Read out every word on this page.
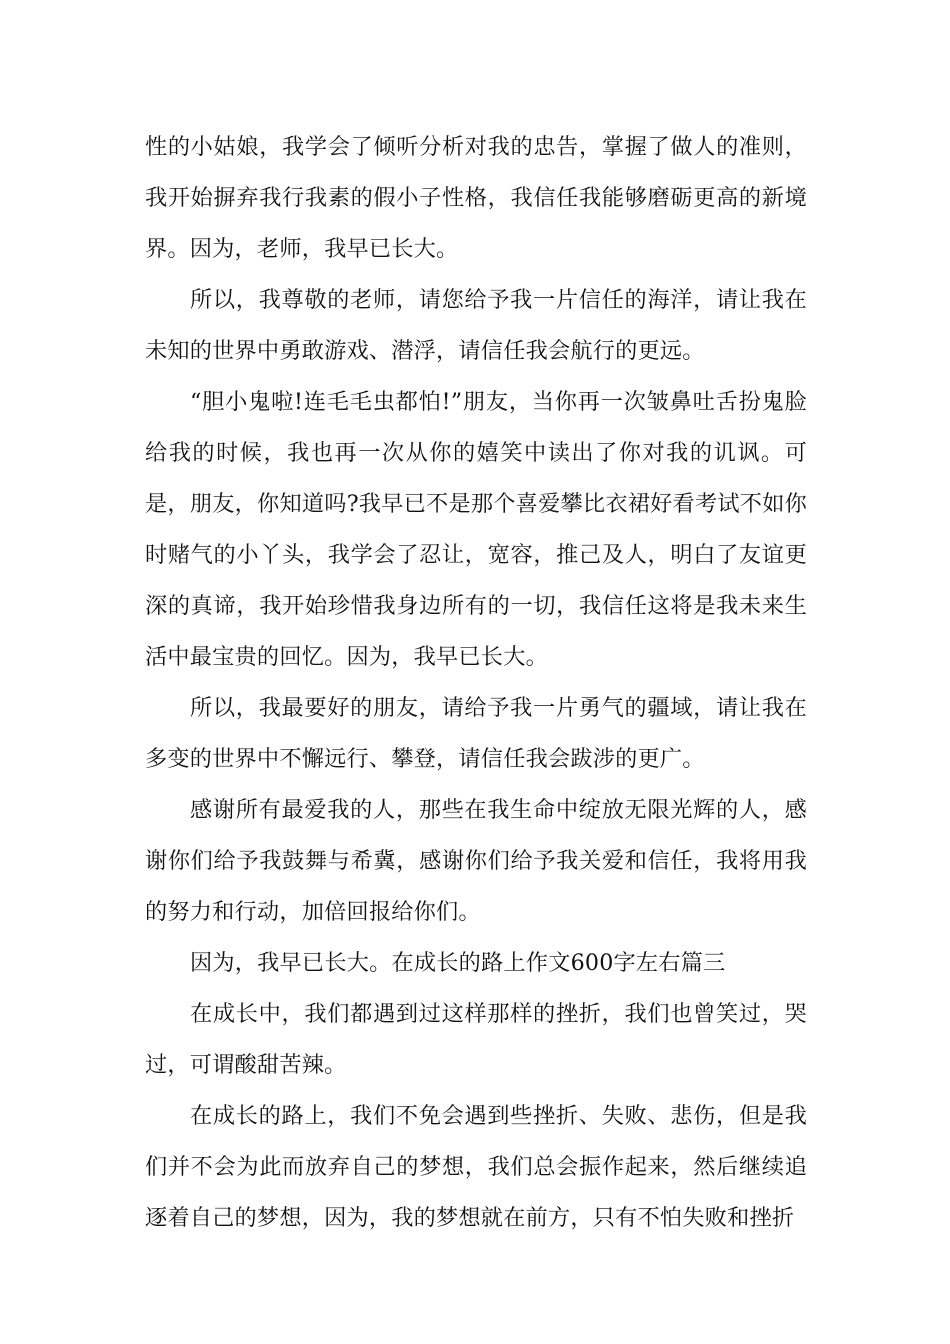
性的小姑娘，我学会了倾听分析对我的忠告，掌握了做人的准则，我开始摒弃我行我素的假小子性格，我信任我能够磨砺更高的新境界。因为，老师，我早已长大。

所以，我尊敬的老师，请您给予我一片信任的海洋，请让我在未知的世界中勇敢游戏、潜浮，请信任我会航行的更远。

“胆小鬼啦!连毛毛虫都怕!”朋友，当你再一次皱鼻吐舌扮鬼脸给我的时候，我也再一次从你的嬉笑中读出了你对我的讥讽。可是，朋友，你知道吗?我早已不是那个喜爱攀比衣裙好看考试不如你时赌气的小丫头，我学会了忍让，宽容，推己及人，明白了友谊更深的真谛，我开始珍惜我身边所有的一切，我信任这将是我未来生活中最宝贵的回忆。因为，我早已长大。

所以，我最要好的朋友，请给予我一片勇气的疆域，请让我在多变的世界中不懈远行、攀登，请信任我会跋涉的更广。

感谢所有最爱我的人，那些在我生命中绽放无限光辉的人，感谢你们给予我鼓舞与希冀，感谢你们给予我关爱和信任，我将用我的努力和行动，加倍回报给你们。

因为，我早已长大。在成长的路上作文600字左右篇三

在成长中，我们都遇到过这样那样的挫折，我们也曾笑过，哭过，可谓酸甜苦辣。

在成长的路上，我们不免会遇到些挫折、失败、悲伤，但是我们并不会为此而放弃自己的梦想，我们总会振作起来，然后继续追逐着自己的梦想，因为，我的梦想就在前方，只有不怕失败和挫折
